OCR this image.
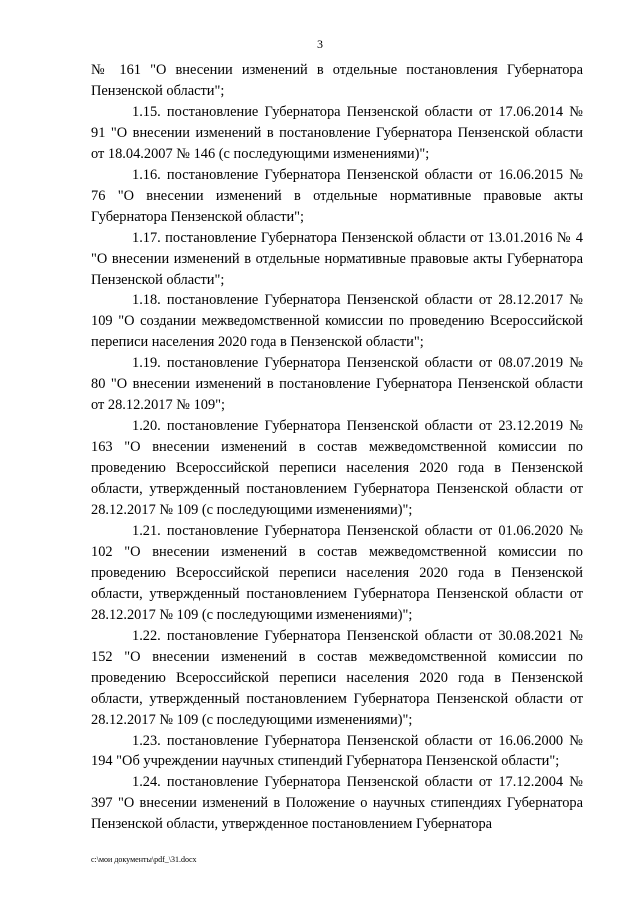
3

№ 161 "О внесении изменений в отдельные постановления Губернатора Пензенской области";

1.15. постановление Губернатора Пензенской области от 17.06.2014 № 91 "О внесении изменений в постановление Губернатора Пензенской области от 18.04.2007 № 146 (с последующими изменениями)";

1.16. постановление Губернатора Пензенской области от 16.06.2015 № 76 "О внесении изменений в отдельные нормативные правовые акты Губернатора Пензенской области";

1.17. постановление Губернатора Пензенской области от 13.01.2016 № 4 "О внесении изменений в отдельные нормативные правовые акты Губернатора Пензенской области";

1.18. постановление Губернатора Пензенской области от 28.12.2017 № 109 "О создании межведомственной комиссии по проведению Всероссийской переписи населения 2020 года в Пензенской области";

1.19. постановление Губернатора Пензенской области от 08.07.2019 № 80 "О внесении изменений в постановление Губернатора Пензенской области от 28.12.2017 № 109";

1.20. постановление Губернатора Пензенской области от 23.12.2019 № 163 "О внесении изменений в состав межведомственной комиссии по проведению Всероссийской переписи населения 2020 года в Пензенской области, утвержденный постановлением Губернатора Пензенской области от 28.12.2017 № 109 (с последующими изменениями)";

1.21. постановление Губернатора Пензенской области от 01.06.2020 № 102 "О внесении изменений в состав межведомственной комиссии по проведению Всероссийской переписи населения 2020 года в Пензенской области, утвержденный постановлением Губернатора Пензенской области от 28.12.2017 № 109 (с последующими изменениями)";

1.22. постановление Губернатора Пензенской области от 30.08.2021 № 152 "О внесении изменений в состав межведомственной комиссии по проведению Всероссийской переписи населения 2020 года в Пензенской области, утвержденный постановлением Губернатора Пензенской области от 28.12.2017 № 109 (с последующими изменениями)";

1.23. постановление Губернатора Пензенской области от 16.06.2000 № 194 "Об учреждении научных стипендий Губернатора Пензенской области";

1.24. постановление Губернатора Пензенской области от 17.12.2004 № 397 "О внесении изменений в Положение о научных стипендиях Губернатора Пензенской области, утвержденное постановлением Губернатора

c:\мои документы\pdf_\31.docx
